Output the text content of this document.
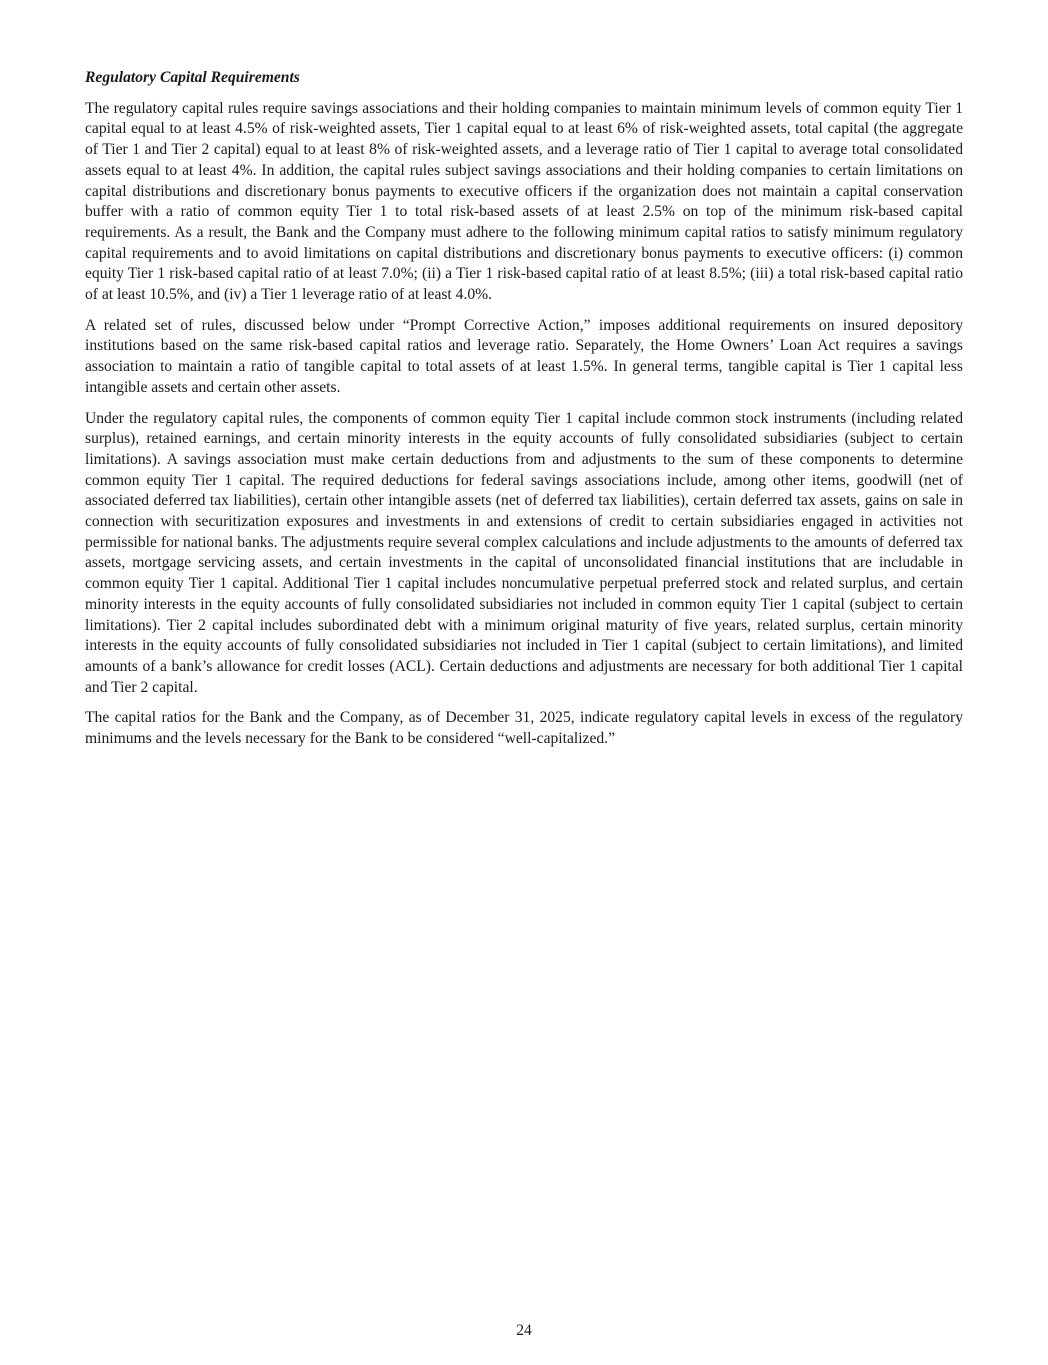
Regulatory Capital Requirements

The regulatory capital rules require savings associations and their holding companies to maintain minimum levels of common equity Tier 1 capital equal to at least 4.5% of risk-weighted assets, Tier 1 capital equal to at least 6% of risk-weighted assets, total capital (the aggregate of Tier 1 and Tier 2 capital) equal to at least 8% of risk-weighted assets, and a leverage ratio of Tier 1 capital to average total consolidated assets equal to at least 4%. In addition, the capital rules subject savings associations and their holding companies to certain limitations on capital distributions and discretionary bonus payments to executive officers if the organization does not maintain a capital conservation buffer with a ratio of common equity Tier 1 to total risk-based assets of at least 2.5% on top of the minimum risk-based capital requirements. As a result, the Bank and the Company must adhere to the following minimum capital ratios to satisfy minimum regulatory capital requirements and to avoid limitations on capital distributions and discretionary bonus payments to executive officers: (i) common equity Tier 1 risk-based capital ratio of at least 7.0%; (ii) a Tier 1 risk-based capital ratio of at least 8.5%; (iii) a total risk-based capital ratio of at least 10.5%, and (iv) a Tier 1 leverage ratio of at least 4.0%.

A related set of rules, discussed below under “Prompt Corrective Action,” imposes additional requirements on insured depository institutions based on the same risk-based capital ratios and leverage ratio. Separately, the Home Owners’ Loan Act requires a savings association to maintain a ratio of tangible capital to total assets of at least 1.5%. In general terms, tangible capital is Tier 1 capital less intangible assets and certain other assets.

Under the regulatory capital rules, the components of common equity Tier 1 capital include common stock instruments (including related surplus), retained earnings, and certain minority interests in the equity accounts of fully consolidated subsidiaries (subject to certain limitations). A savings association must make certain deductions from and adjustments to the sum of these components to determine common equity Tier 1 capital. The required deductions for federal savings associations include, among other items, goodwill (net of associated deferred tax liabilities), certain other intangible assets (net of deferred tax liabilities), certain deferred tax assets, gains on sale in connection with securitization exposures and investments in and extensions of credit to certain subsidiaries engaged in activities not permissible for national banks. The adjustments require several complex calculations and include adjustments to the amounts of deferred tax assets, mortgage servicing assets, and certain investments in the capital of unconsolidated financial institutions that are includable in common equity Tier 1 capital. Additional Tier 1 capital includes noncumulative perpetual preferred stock and related surplus, and certain minority interests in the equity accounts of fully consolidated subsidiaries not included in common equity Tier 1 capital (subject to certain limitations). Tier 2 capital includes subordinated debt with a minimum original maturity of five years, related surplus, certain minority interests in the equity accounts of fully consolidated subsidiaries not included in Tier 1 capital (subject to certain limitations), and limited amounts of a bank’s allowance for credit losses (ACL). Certain deductions and adjustments are necessary for both additional Tier 1 capital and Tier 2 capital.

The capital ratios for the Bank and the Company, as of December 31, 2025, indicate regulatory capital levels in excess of the regulatory minimums and the levels necessary for the Bank to be considered “well-capitalized.”

24
